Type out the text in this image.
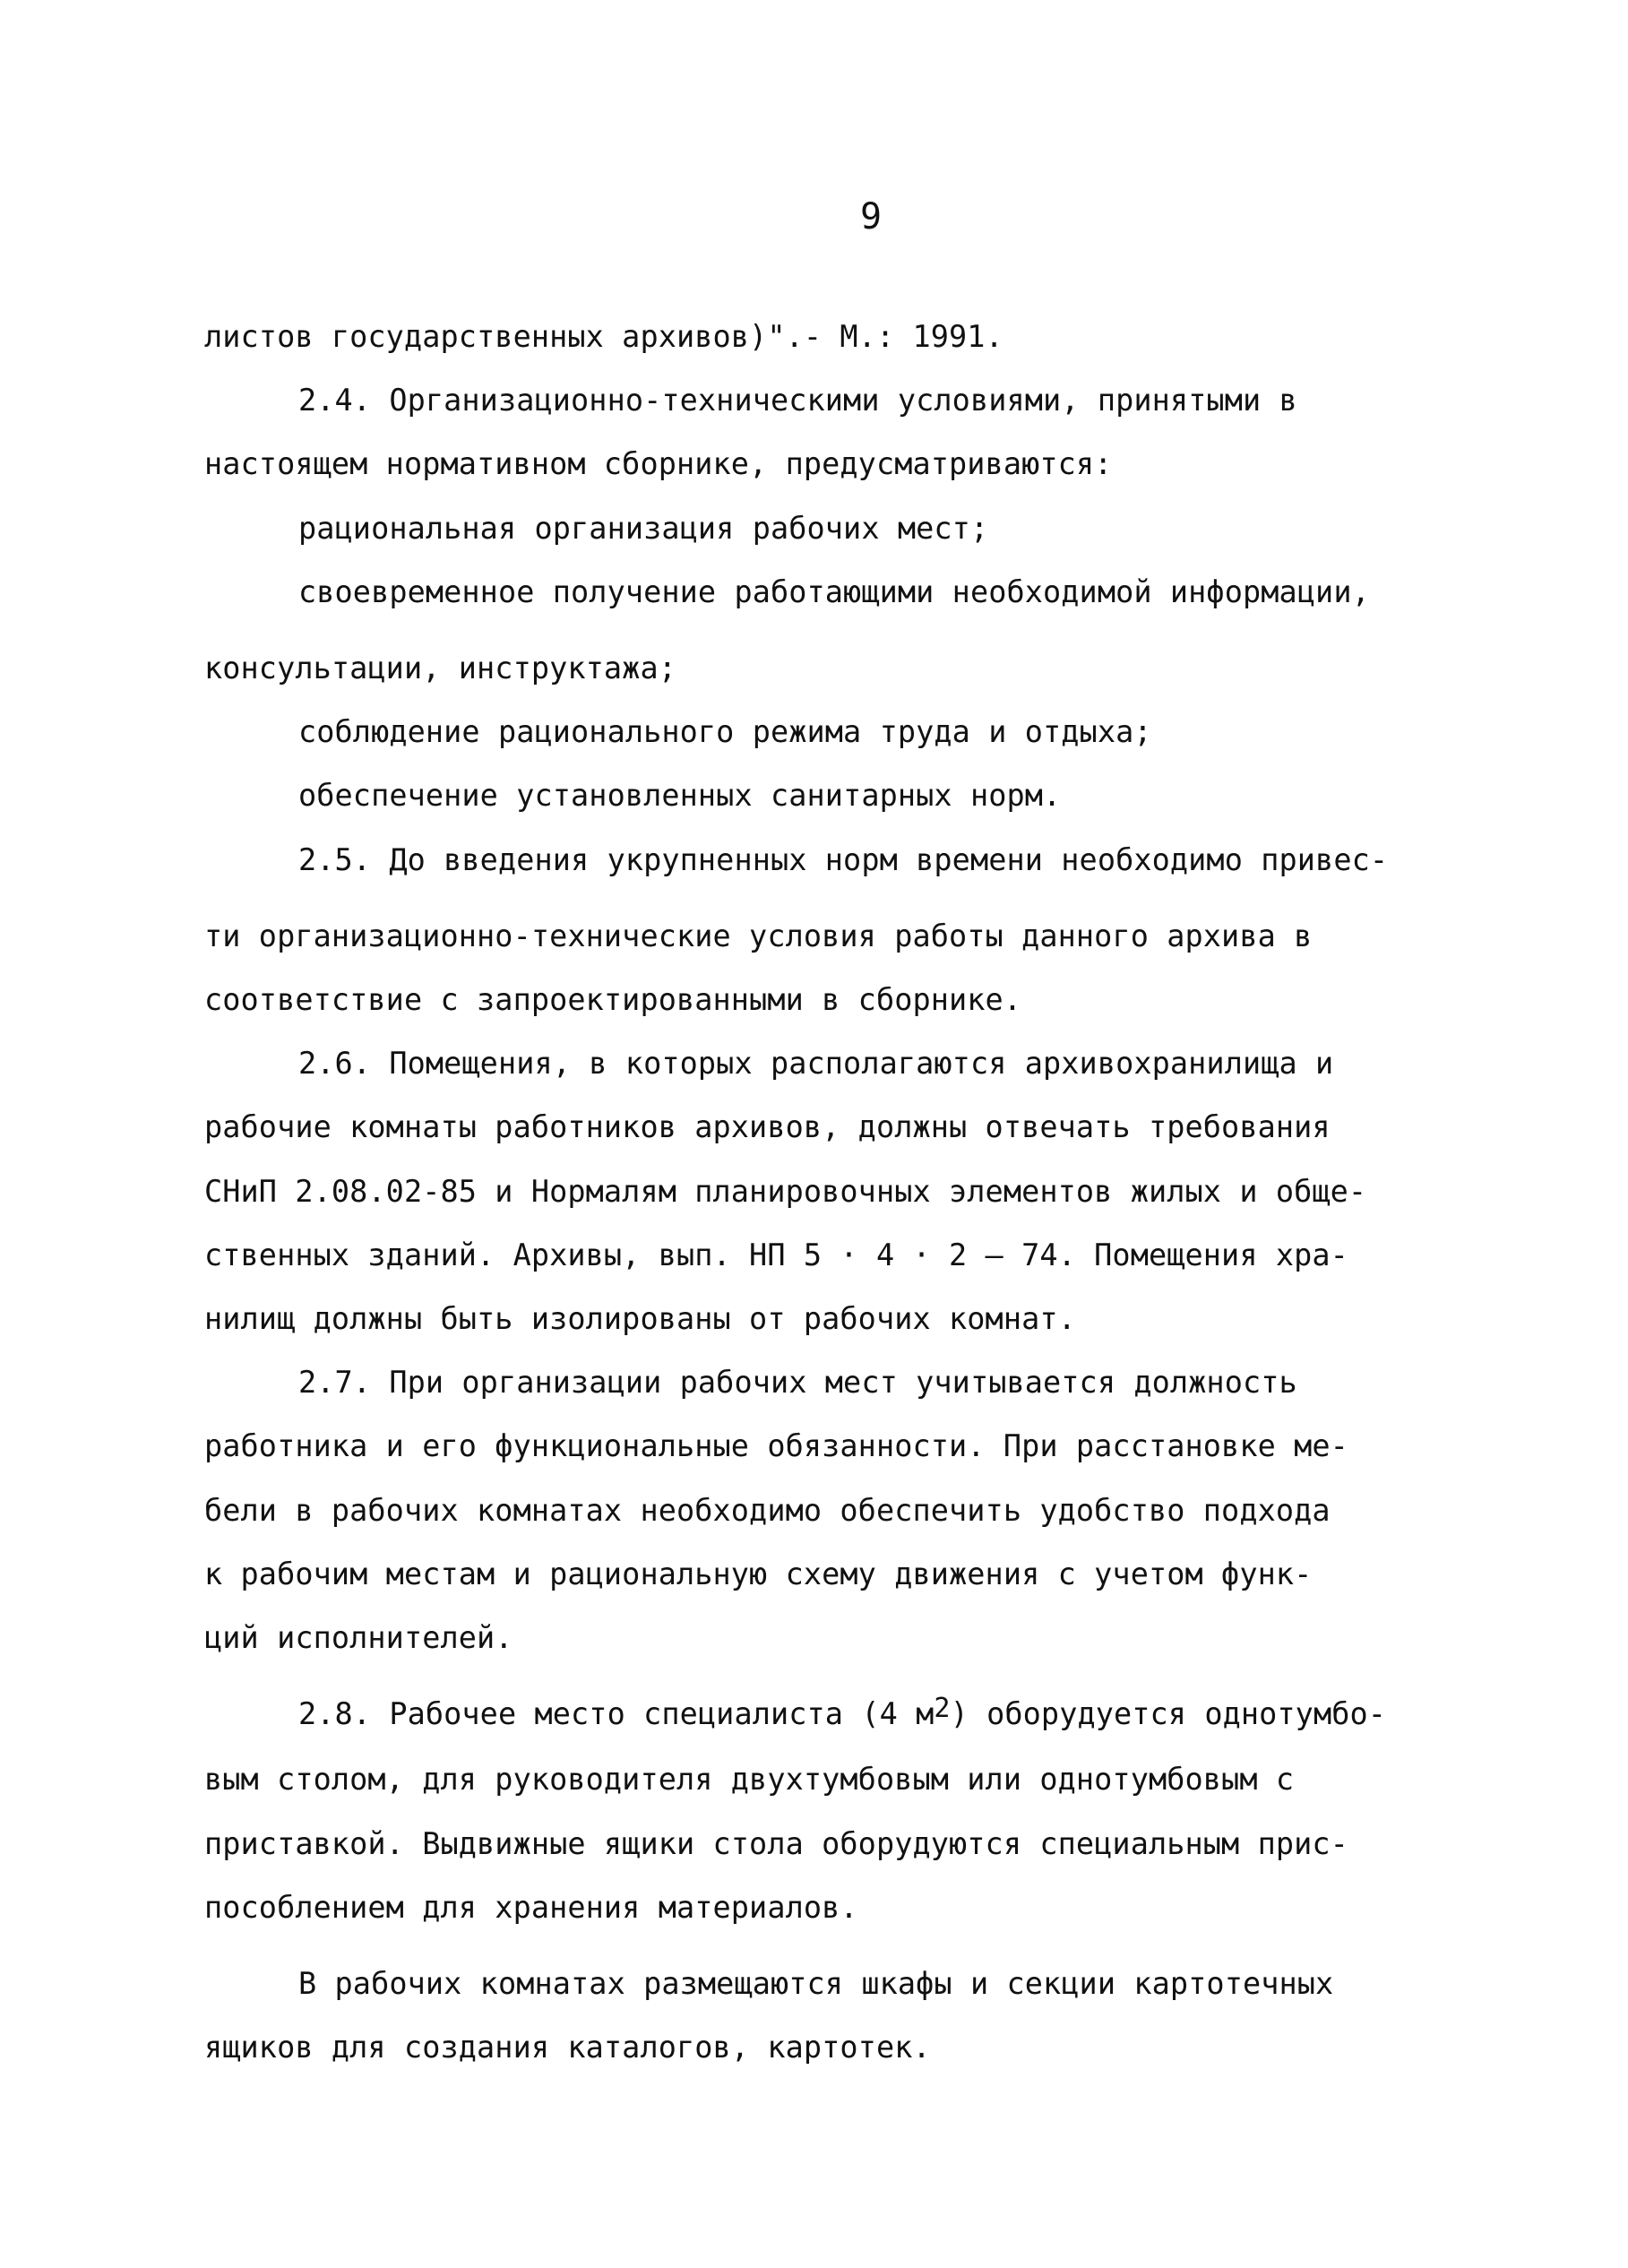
9
листов государственных архивов)".- М.: 1991.
2.4. Организационно-техническими условиями, принятыми в
настоящем нормативном сборнике, предусматриваются:
рациональная организация рабочих мест;
своевременное получение работающими необходимой информации,
консультации, инструктажа;
соблюдение рационального режима труда и отдыха;
обеспечение установленных санитарных норм.
2.5. До введения укрупненных норм времени необходимо привес-
ти организационно-технические условия работы данного архива в
соответствие с запроектированными в сборнике.
2.6. Помещения, в которых располагаются архивохранилища и
рабочие комнаты работников архивов, должны отвечать требования
СНиП 2.08.02-85 и Нормалям планировочных элементов жилых и обще-
ственных зданий. Архивы, вып. НП 5 · 4 · 2 – 74. Помещения хра-
нилищ должны быть изолированы от рабочих комнат.
2.7. При организации рабочих мест учитывается должность
работника и его функциональные обязанности. При расстановке ме-
бели в рабочих комнатах необходимо обеспечить удобство подхода
к рабочим местам и рациональную схему движения с учетом функ-
ций исполнителей.
2.8. Рабочее место специалиста (4 $м^2$) оборудуется однотумбо-
вым столом, для руководителя двухтумбовым или однотумбовым с
приставкой. Выдвижные ящики стола оборудуются специальным прис-
пособлением для хранения материалов.
В рабочих комнатах размещаются шкафы и секции картотечных
ящиков для создания каталогов, картотек.
